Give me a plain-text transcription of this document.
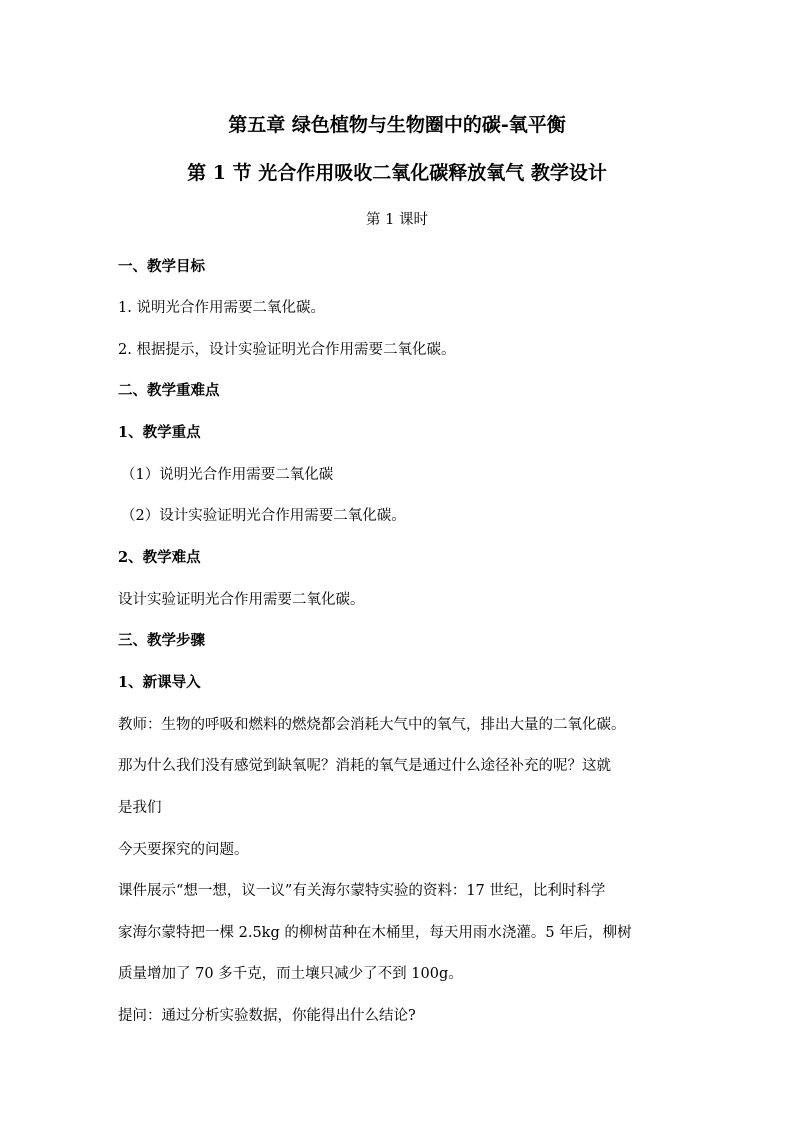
第五章 绿色植物与生物圈中的碳-氧平衡
第 1 节 光合作用吸收二氧化碳释放氧气 教学设计
第 1 课时
一、教学目标
1. 说明光合作用需要二氧化碳。
2. 根据提示，设计实验证明光合作用需要二氧化碳。
二、教学重难点
1、教学重点
（1）说明光合作用需要二氧化碳
（2）设计实验证明光合作用需要二氧化碳。
2、教学难点
设计实验证明光合作用需要二氧化碳。
三、教学步骤
1、新课导入
教师：生物的呼吸和燃料的燃烧都会消耗大气中的氧气，排出大量的二氧化碳。
那为什么我们没有感觉到缺氧呢？消耗的氧气是通过什么途径补充的呢？这就
是我们
今天要探究的问题。
课件展示“想一想，议一议”有关海尔蒙特实验的资料：17 世纪，比利时科学
家海尔蒙特把一棵 2.5kg 的柳树苗种在木桶里，每天用雨水浇灌。5 年后，柳树
质量增加了 70 多千克，而土壤只减少了不到 100g。
提问：通过分析实验数据，你能得出什么结论?
